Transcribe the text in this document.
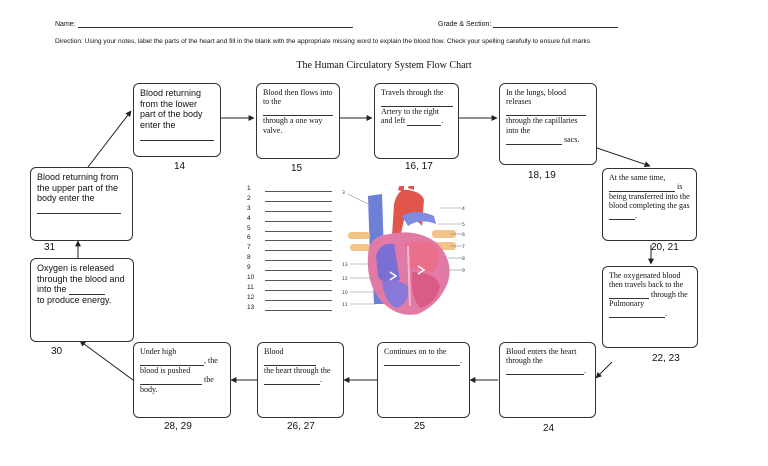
Name:	Grade & Section:
Direction: Using your notes, label the parts of the heart and fill in the blank with the appropriate missing word to explain the blood flow. Check your spelling carefully to ensure full marks
The Human Circulatory System Flow Chart
Blood returning from the lower part of the body enter the

14
Blood then flows into to the

through a one way valve.
15
Travels through the

Artery to the right and left	.
16, 17
In the lungs, blood releases

through the capillaries into the
sacs.
18, 19	At the same time,
is being transferred into the blood completing the gas .
20, 21
The oxygenated blood then travels back to the
through the Pulmonary
.
22, 23
Blood enters the heart through the
.
24
Continues on to the
.
25
Blood
the heart through the
.
26, 27
Under high
, the blood is pushed
the body.
28, 29
Oxygen is released through the blood and into the
to produce energy.
30
Blood returning from the upper part of the body enter the

31
1
2
3
4
5
6
7
8
9
10
11
12
13
3
4
5
6
7
8
9
13
12
10
11
